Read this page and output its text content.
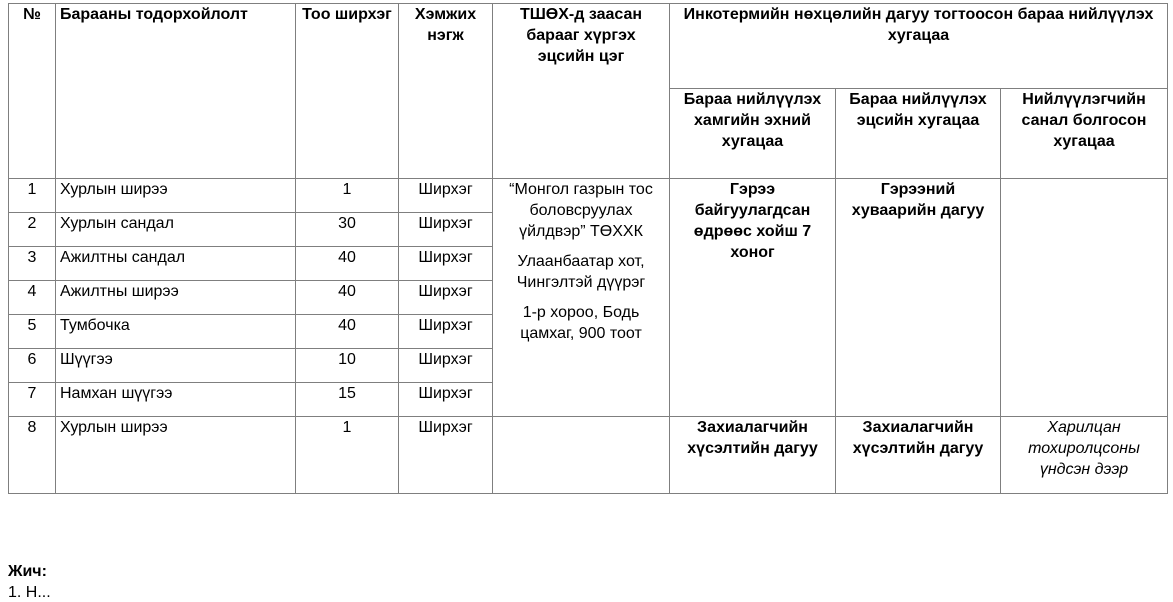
№	Барааны тодорхойлолт	Тоо ширхэг	Хэмжих нэгж	ТШӨХ-д заасан барааг хүргэх эцсийн цэг	Инкотермийн нөхцөлийн дагуу тогтоосон бараа нийлүүлэх хугацаа		
					Бараа нийлүүлэх хамгийн эхний хугацаа	Бараа нийлүүлэх эцсийн хугацаа	Нийлүүлэгчийн санал болгосон хугацаа
1	Хурлын ширээ	1	Ширхэг	“Монгол газрын тос боловсруулах үйлдвэр” ТӨХХК

Улаанбаатар хот, Чингэлтэй дүүрэг

1-р хороо, Бодь цамхаг, 900 тоот	Гэрээ байгуулагдсан өдрөөс хойш 7 хоног	Гэрээний хуваарийн дагуу	
2	Хурлын сандал	30	Ширхэг				
3	Ажилтны сандал	40	Ширхэг				
4	Ажилтны ширээ	40	Ширхэг				
5	Тумбочка	40	Ширхэг				
6	Шүүгээ	10	Ширхэг				
7	Намхан шүүгээ	15	Ширхэг				
8	Хурлын ширээ	1	Ширхэг		Захиалагчийн хүсэлтийн дагуу	Захиалагчийн хүсэлтийн дагуу	Харилцан тохиролцсоны үндсэн дээр
Жич:
1. Н...
